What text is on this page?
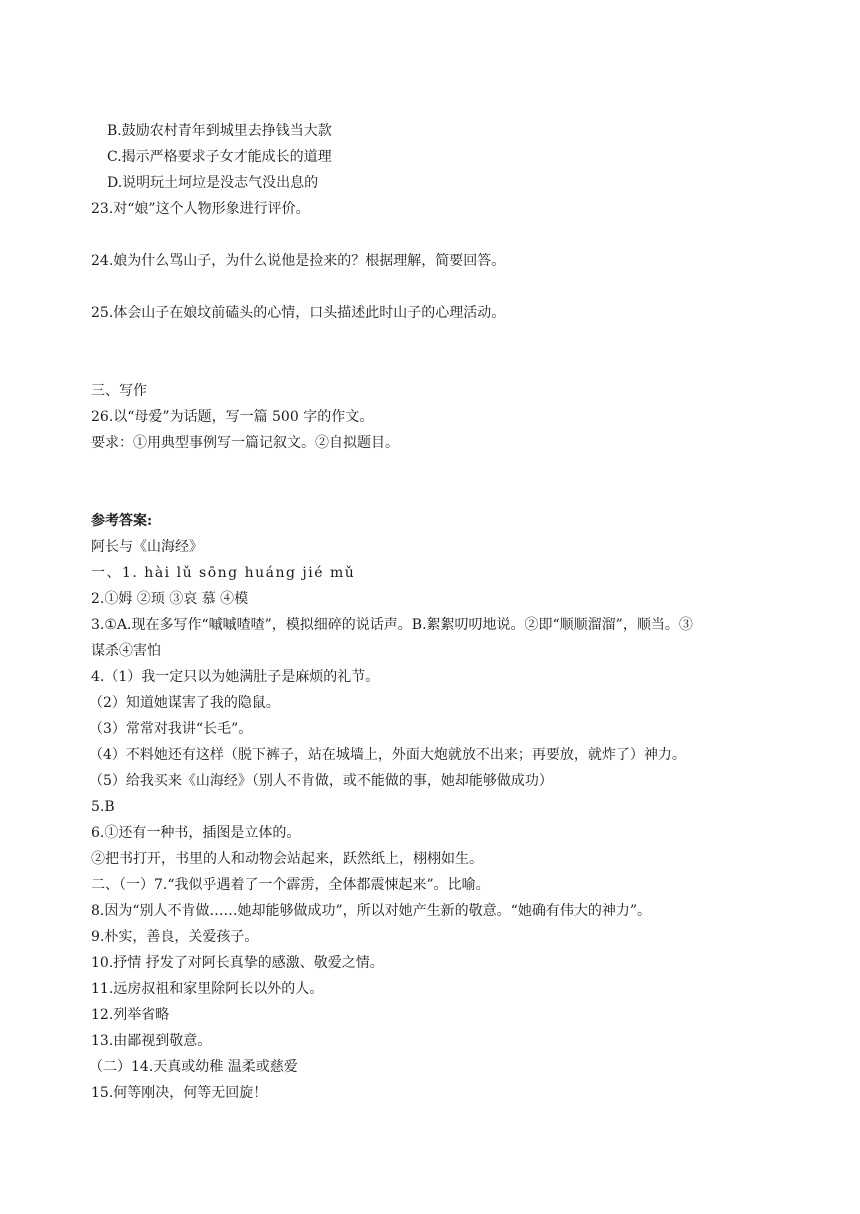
B.鼓励农村青年到城里去挣钱当大款
C.揭示严格要求子女才能成长的道理
D.说明玩土坷垃是没志气没出息的
23.对“娘”这个人物形象进行评价。
24.娘为什么骂山子，为什么说他是捡来的？根据理解，简要回答。
25.体会山子在娘坟前磕头的心情，口头描述此时山子的心理活动。
三、写作
26.以“母爱”为话题，写一篇 500 字的作文。
要求：①用典型事例写一篇记叙文。②自拟题目。
参考答案:
阿长与《山海经》
一、1. hài lǔ sōng huáng jié mǔ
2.①姆 ②顼 ③哀 慕 ④模
3.①A.现在多写作“嘁嘁喳喳”，模拟细碎的说话声。B.絮絮叨叨地说。②即“顺顺溜溜”，顺当。③
谋杀④害怕
4.（1）我一定只以为她满肚子是麻烦的礼节。
（2）知道她谋害了我的隐鼠。
（3）常常对我讲“长毛”。
（4）不料她还有这样（脱下裤子，站在城墙上，外面大炮就放不出来；再要放，就炸了）神力。
（5）给我买来《山海经》（别人不肯做，或不能做的事，她却能够做成功）
5.B
6.①还有一种书，插图是立体的。
②把书打开，书里的人和动物会站起来，跃然纸上，栩栩如生。
二、（一）7.“我似乎遇着了一个霹雳，全体都震悚起来”。比喻。
8.因为“别人不肯做……她却能够做成功”，所以对她产生新的敬意。“她确有伟大的神力”。
9.朴实，善良，关爱孩子。
10.抒情 抒发了对阿长真挚的感激、敬爱之情。
11.远房叔祖和家里除阿长以外的人。
12.列举省略
13.由鄙视到敬意。
（二）14.天真或幼稚 温柔或慈爱
15.何等刚决，何等无回旋！
